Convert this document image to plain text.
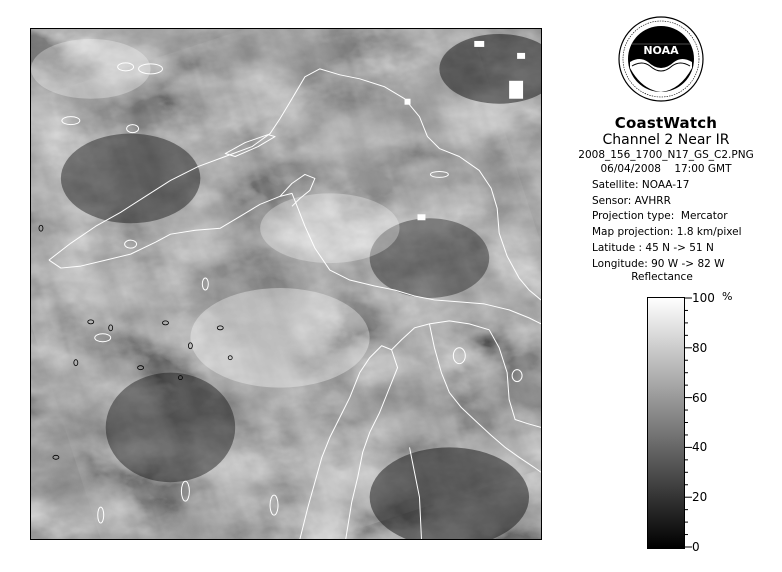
NOAA
CoastWatch
Channel 2 Near IR
2008_156_1700_N17_GS_C2.PNG
06/04/2008    17:00 GMT
Satellite: NOAA-17
Sensor: AVHRR
Projection type:  Mercator
Map projection: 1.8 km/pixel
Latitude : 45 N -> 51 N
Longitude: 90 W -> 82 W
Reflectance
%
100
80
60
40
20
0
